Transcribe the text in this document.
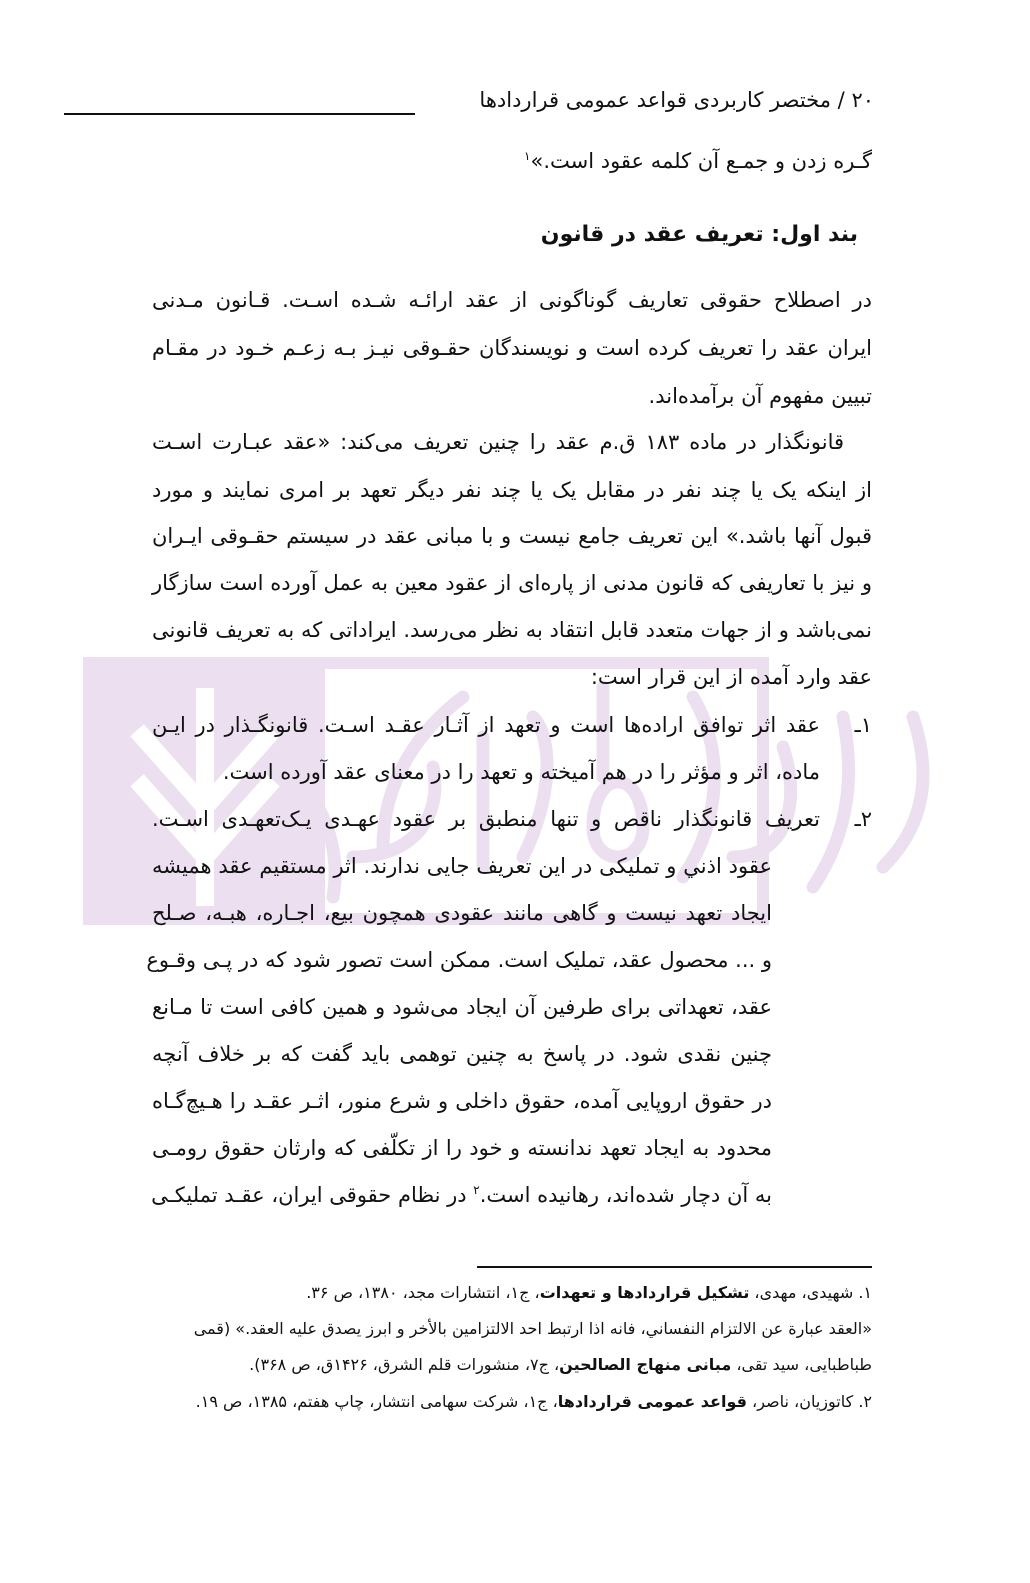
۲۰ / مختصر کاربردی قواعد عمومی قراردادها
گـره زدن و جمـع آن کلمه عقود است.»$^۱$
بند اول: تعریف عقد در قانون
در اصطلاح حقوقی تعاریف گوناگونی از عقد ارائـه شـده اسـت. قـانون مـدنی
ایران عقد را تعریف کرده است و نویسندگان حقـوقی نیـز بـه زعـم خـود در مقـام
تبیین مفهوم آن برآمده‌اند.
قانونگذار در ماده ۱۸۳ ق.م عقد را چنین تعریف می‌کند: «عقد عبـارت اسـت
از اینکه یک یا چند نفر در مقابل یک یا چند نفر دیگر تعهد بر امری نمایند و مورد
قبول آنها باشد.» این تعریف جامع نیست و با مبانی عقد در سیستم حقـوقی ایـران
و نیز با تعاریفی که قانون مدنی از پاره‌ای از عقود معین به عمل آورده است سازگار
نمی‌باشد و از جهات متعدد قابل انتقاد به نظر می‌رسد. ایراداتی که به تعریف قانونی
عقد وارد آمده از این قرار است:
۱ـ
عقد اثر توافق اراده‌ها است و تعهد از آثـار عقـد اسـت. قانونگـذار در ایـن
ماده، اثر و مؤثر را در هم آمیخته و تعهد را در معنای عقد آورده است.
۲ـ
تعریف قانونگذار ناقص و تنها منطبق بر عقود عهـدی یـک‌تعهـدی اسـت.
عقود اذني و تملیکی در این تعریف جایی ندارند. اثر مستقیم عقد همیشه
ایجاد تعهد نیست و گاهی مانند عقودی همچون بیع، اجـاره، هبـه، صـلح
و ... محصول عقد، تملیک است. ممکن است تصور شود که در پـی وقـوع
عقد، تعهداتی برای طرفین آن ایجاد می‌شود و همین کافی است تا مـانع
چنین نقدی شود. در پاسخ به چنین توهمی باید گفت که بر خلاف آنچه
در حقوق اروپایی آمده، حقوق داخلی و شرع منور، اثـر عقـد را هـیچ‌گـاه
محدود به ایجاد تعهد ندانسته و خود را از تکلّفی که وارثان حقوق رومـی
به آن دچار شده‌اند، رهانیده است.$^۲$ در نظام حقوقی ایران، عقـد تملیکـی
۱. شهیدی، مهدی، تشکیل قراردادها و تعهدات، ج۱، انتشارات مجد، ۱۳۸۰، ص ۳۶.
«العقد عبارة عن الالتزام النفساني، فانه اذا ارتبط احد الالتزامين بالأخر و ابرز يصدق عليه العقد.» (قمی
طباطبایی، سید تقی، مبانی منهاج الصالحین، ج۷، منشورات قلم الشرق، ۱۴۲۶ق، ص ۳۶۸).
۲. کاتوزیان، ناصر، قواعد عمومی قراردادها، ج۱، شرکت سهامی انتشار، چاپ هفتم، ۱۳۸۵، ص ۱۹.
